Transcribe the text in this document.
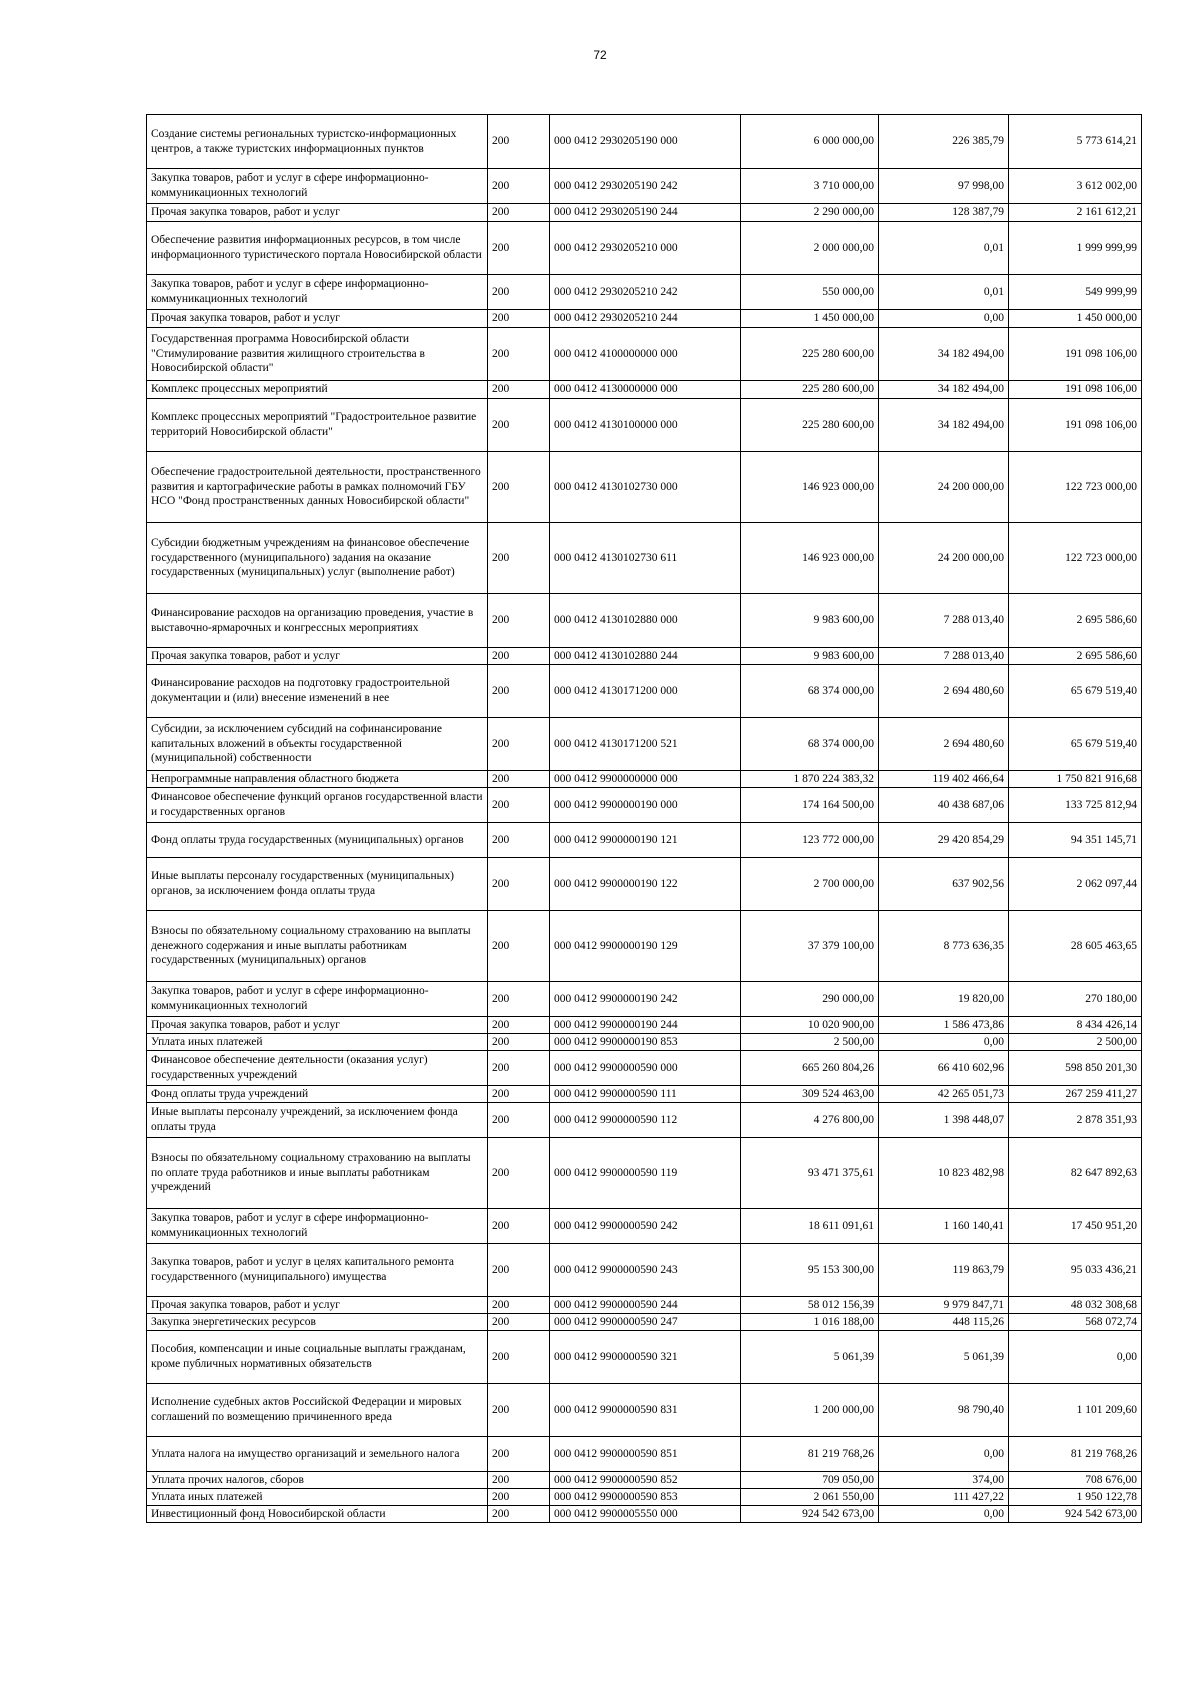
72
Создание системы региональных туристско-информационных центров, а также туристских информационных пунктов	200	000 0412 2930205190 000	6 000 000,00	226 385,79	5 773 614,21
Закупка товаров, работ и услуг в сфере информационно-коммуникационных технологий	200	000 0412 2930205190 242	3 710 000,00	97 998,00	3 612 002,00
Прочая закупка товаров, работ и услуг	200	000 0412 2930205190 244	2 290 000,00	128 387,79	2 161 612,21
Обеспечение развития информационных ресурсов, в том числе информационного туристического портала Новосибирской области	200	000 0412 2930205210 000	2 000 000,00	0,01	1 999 999,99
Закупка товаров, работ и услуг в сфере информационно-коммуникационных технологий	200	000 0412 2930205210 242	550 000,00	0,01	549 999,99
Прочая закупка товаров, работ и услуг	200	000 0412 2930205210 244	1 450 000,00	0,00	1 450 000,00
Государственная программа Новосибирской области "Стимулирование развития жилищного строительства в Новосибирской области"	200	000 0412 4100000000 000	225 280 600,00	34 182 494,00	191 098 106,00
Комплекс процессных мероприятий	200	000 0412 4130000000 000	225 280 600,00	34 182 494,00	191 098 106,00
Комплекс процессных мероприятий "Градостроительное развитие территорий Новосибирской области"	200	000 0412 4130100000 000	225 280 600,00	34 182 494,00	191 098 106,00
Обеспечение градостроительной деятельности, пространственного развития и картографические работы в рамках полномочий ГБУ НСО "Фонд пространственных данных Новосибирской области"	200	000 0412 4130102730 000	146 923 000,00	24 200 000,00	122 723 000,00
Субсидии бюджетным учреждениям на финансовое обеспечение государственного (муниципального) задания на оказание государственных (муниципальных) услуг (выполнение работ)	200	000 0412 4130102730 611	146 923 000,00	24 200 000,00	122 723 000,00
Финансирование расходов на организацию проведения, участие в выставочно-ярмарочных и конгрессных мероприятиях	200	000 0412 4130102880 000	9 983 600,00	7 288 013,40	2 695 586,60
Прочая закупка товаров, работ и услуг	200	000 0412 4130102880 244	9 983 600,00	7 288 013,40	2 695 586,60
Финансирование расходов на подготовку градостроительной документации и (или) внесение изменений в нее	200	000 0412 4130171200 000	68 374 000,00	2 694 480,60	65 679 519,40
Субсидии, за исключением субсидий на софинансирование капитальных вложений в объекты государственной (муниципальной) собственности	200	000 0412 4130171200 521	68 374 000,00	2 694 480,60	65 679 519,40
Непрограммные направления областного бюджета	200	000 0412 9900000000 000	1 870 224 383,32	119 402 466,64	1 750 821 916,68
Финансовое обеспечение функций органов государственной власти и государственных органов	200	000 0412 9900000190 000	174 164 500,00	40 438 687,06	133 725 812,94
Фонд оплаты труда государственных (муниципальных) органов	200	000 0412 9900000190 121	123 772 000,00	29 420 854,29	94 351 145,71
Иные выплаты персоналу государственных (муниципальных) органов, за исключением фонда оплаты труда	200	000 0412 9900000190 122	2 700 000,00	637 902,56	2 062 097,44
Взносы по обязательному социальному страхованию на выплаты денежного содержания и иные выплаты работникам государственных (муниципальных) органов	200	000 0412 9900000190 129	37 379 100,00	8 773 636,35	28 605 463,65
Закупка товаров, работ и услуг в сфере информационно-коммуникационных технологий	200	000 0412 9900000190 242	290 000,00	19 820,00	270 180,00
Прочая закупка товаров, работ и услуг	200	000 0412 9900000190 244	10 020 900,00	1 586 473,86	8 434 426,14
Уплата иных платежей	200	000 0412 9900000190 853	2 500,00	0,00	2 500,00
Финансовое обеспечение деятельности (оказания услуг) государственных учреждений	200	000 0412 9900000590 000	665 260 804,26	66 410 602,96	598 850 201,30
Фонд оплаты труда учреждений	200	000 0412 9900000590 111	309 524 463,00	42 265 051,73	267 259 411,27
Иные выплаты персоналу учреждений, за исключением фонда оплаты труда	200	000 0412 9900000590 112	4 276 800,00	1 398 448,07	2 878 351,93
Взносы по обязательному социальному страхованию на выплаты по оплате труда работников и иные выплаты работникам учреждений	200	000 0412 9900000590 119	93 471 375,61	10 823 482,98	82 647 892,63
Закупка товаров, работ и услуг в сфере информационно-коммуникационных технологий	200	000 0412 9900000590 242	18 611 091,61	1 160 140,41	17 450 951,20
Закупка товаров, работ и услуг в целях капитального ремонта государственного (муниципального) имущества	200	000 0412 9900000590 243	95 153 300,00	119 863,79	95 033 436,21
Прочая закупка товаров, работ и услуг	200	000 0412 9900000590 244	58 012 156,39	9 979 847,71	48 032 308,68
Закупка энергетических ресурсов	200	000 0412 9900000590 247	1 016 188,00	448 115,26	568 072,74
Пособия, компенсации и иные социальные выплаты гражданам, кроме публичных нормативных обязательств	200	000 0412 9900000590 321	5 061,39	5 061,39	0,00
Исполнение судебных актов Российской Федерации и мировых соглашений по возмещению причиненного вреда	200	000 0412 9900000590 831	1 200 000,00	98 790,40	1 101 209,60
Уплата налога на имущество организаций и земельного налога	200	000 0412 9900000590 851	81 219 768,26	0,00	81 219 768,26
Уплата прочих налогов, сборов	200	000 0412 9900000590 852	709 050,00	374,00	708 676,00
Уплата иных платежей	200	000 0412 9900000590 853	2 061 550,00	111 427,22	1 950 122,78
Инвестиционный фонд Новосибирской области	200	000 0412 9900005550 000	924 542 673,00	0,00	924 542 673,00
